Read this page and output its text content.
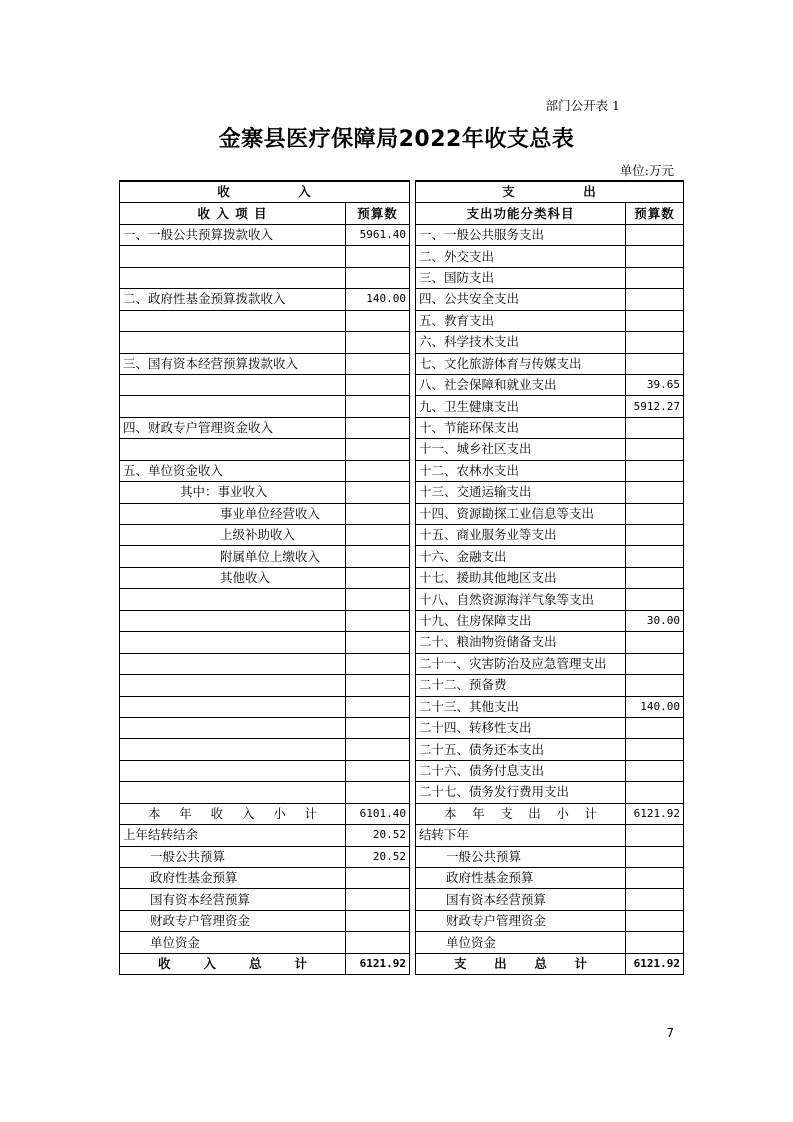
部门公开表 1
金寨县医疗保障局2022年收支总表
单位:万元
收　　　　　入			支　　　　　出	
收 入 项 目	预算数		支出功能分类科目	预算数
一、一般公共预算拨款收入	5961.40		一、一般公共服务支出	
			二、外交支出	
			三、国防支出	
二、政府性基金预算拨款收入	140.00		四、公共安全支出	
			五、教育支出	
			六、科学技术支出	
三、国有资本经营预算拨款收入			七、文化旅游体育与传媒支出	
			八、社会保障和就业支出	39.65
			九、卫生健康支出	5912.27
四、财政专户管理资金收入			十、节能环保支出	
			十一、城乡社区支出	
五、单位资金收入			十二、农林水支出	
其中：事业收入			十三、交通运输支出	
事业单位经营收入			十四、资源勘探工业信息等支出	
上级补助收入			十五、商业服务业等支出	
附属单位上缴收入			十六、金融支出	
其他收入			十七、援助其他地区支出	
			十八、自然资源海洋气象等支出	
			十九、住房保障支出	30.00
			二十、粮油物资储备支出	
			二十一、灾害防治及应急管理支出	
			二十二、预备费	
			二十三、其他支出	140.00
			二十四、转移性支出	
			二十五、债务还本支出	
			二十六、债务付息支出	
			二十七、债务发行费用支出	
本 年 收 入 小 计	6101.40		本 年 支 出 小 计	6121.92
上年结转结余	20.52		结转下年	
一般公共预算	20.52		一般公共预算	
政府性基金预算			政府性基金预算	
国有资本经营预算			国有资本经营预算	
财政专户管理资金			财政专户管理资金	
单位资金			单位资金	
收 入 总 计	6121.92		支 出 总 计	6121.92
7
